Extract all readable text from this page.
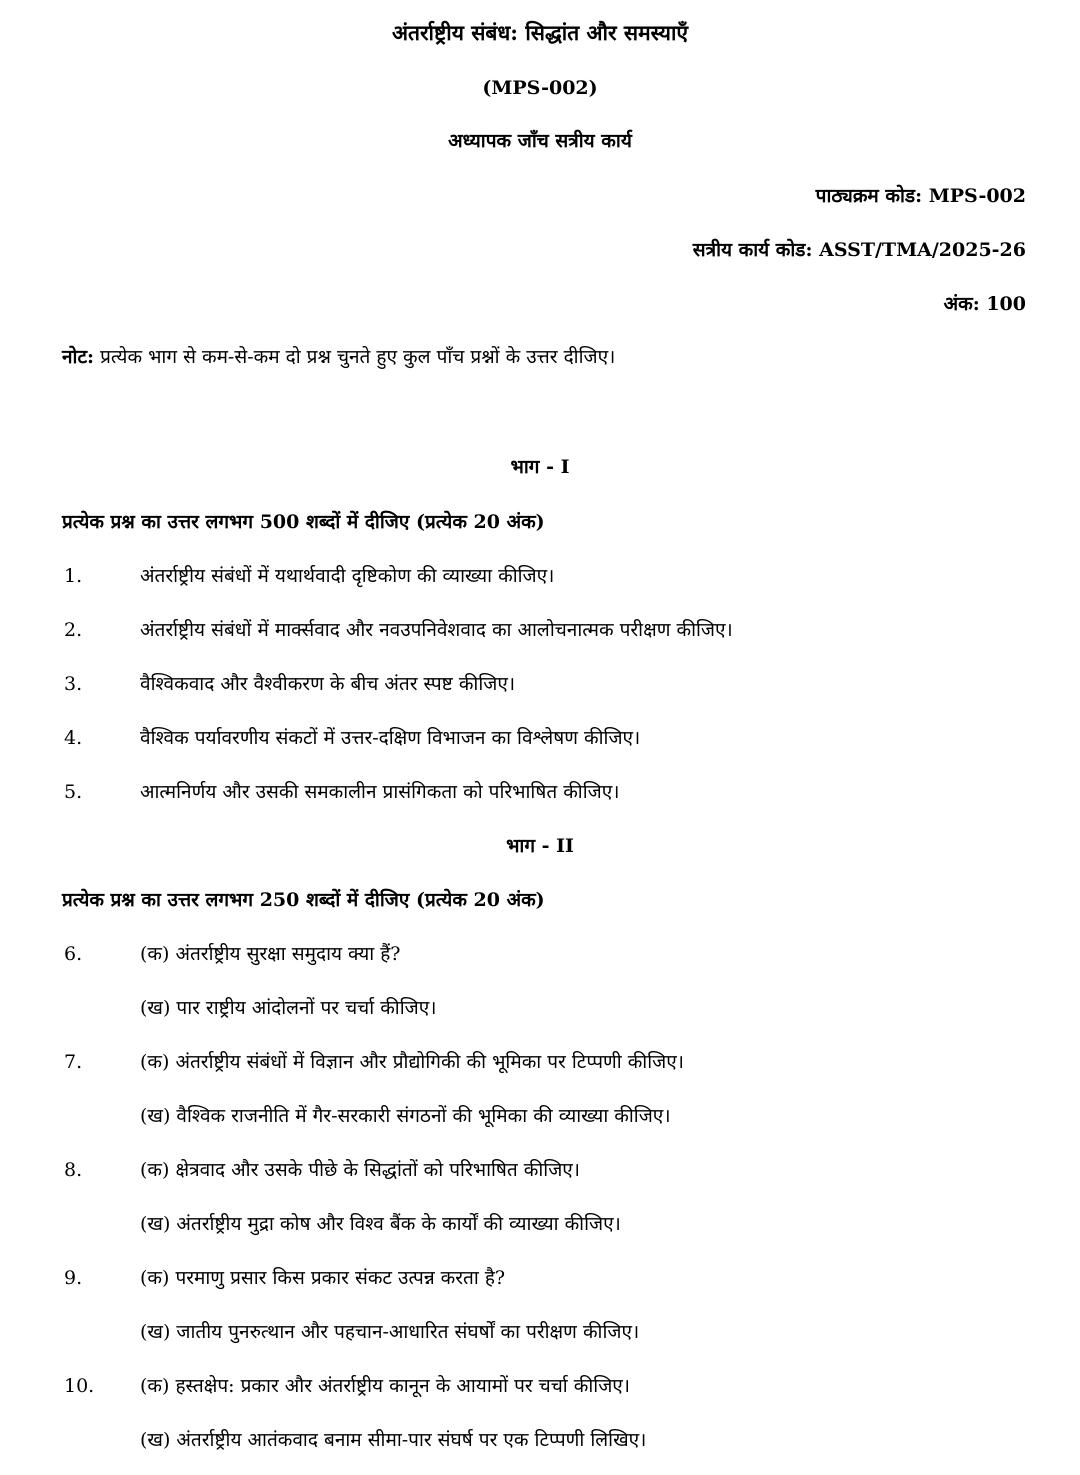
अंतर्राष्ट्रीय संबंध: सिद्धांत और समस्याएँ
(MPS-002)
अध्यापक जाँच सत्रीय कार्य
पाठ्यक्रम कोड: MPS-002
सत्रीय कार्य कोड: ASST/TMA/2025-26
अंक: 100
नोट: प्रत्येक भाग से कम-से-कम दो प्रश्न चुनते हुए कुल पाँच प्रश्नों के उत्तर दीजिए।
भाग - I
प्रत्येक प्रश्न का उत्तर लगभग 500 शब्दों में दीजिए (प्रत्येक 20 अंक)
1.	अंतर्राष्ट्रीय संबंधों में यथार्थवादी दृष्टिकोण की व्याख्या कीजिए।
2.	अंतर्राष्ट्रीय संबंधों में मार्क्सवाद और नवउपनिवेशवाद का आलोचनात्मक परीक्षण कीजिए।
3.	वैश्विकवाद और वैश्वीकरण के बीच अंतर स्पष्ट कीजिए।
4.	वैश्विक पर्यावरणीय संकटों में उत्तर-दक्षिण विभाजन का विश्लेषण कीजिए।
5.	आत्मनिर्णय और उसकी समकालीन प्रासंगिकता को परिभाषित कीजिए।
भाग - II
प्रत्येक प्रश्न का उत्तर लगभग 250 शब्दों में दीजिए (प्रत्येक 20 अंक)
6.	(क) अंतर्राष्ट्रीय सुरक्षा समुदाय क्या हैं?
(ख) पार राष्ट्रीय आंदोलनों पर चर्चा कीजिए।
7.	(क) अंतर्राष्ट्रीय संबंधों में विज्ञान और प्रौद्योगिकी की भूमिका पर टिप्पणी कीजिए।
(ख) वैश्विक राजनीति में गैर-सरकारी संगठनों की भूमिका की व्याख्या कीजिए।
8.	(क) क्षेत्रवाद और उसके पीछे के सिद्धांतों को परिभाषित कीजिए।
(ख) अंतर्राष्ट्रीय मुद्रा कोष और विश्व बैंक के कार्यों की व्याख्या कीजिए।
9.	(क) परमाणु प्रसार किस प्रकार संकट उत्पन्न करता है?
(ख) जातीय पुनरुत्थान और पहचान-आधारित संघर्षों का परीक्षण कीजिए।
10. (क) हस्तक्षेप: प्रकार और अंतर्राष्ट्रीय कानून के आयामों पर चर्चा कीजिए।
(ख) अंतर्राष्ट्रीय आतंकवाद बनाम सीमा-पार संघर्ष पर एक टिप्पणी लिखिए।
